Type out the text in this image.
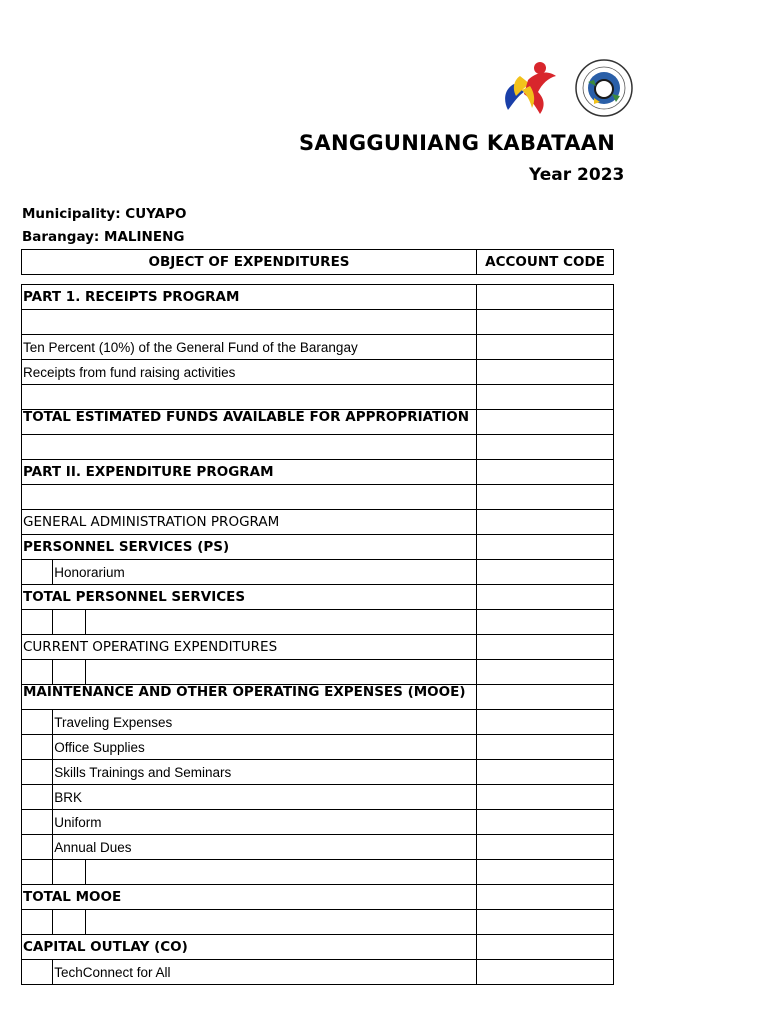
SANGGUNIANG KABATAAN
Year 2023
Municipality: CUYAPO
Barangay: MALINENG
OBJECT OF EXPENDITURES			ACCOUNT CODE

PART 1. RECEIPTS PROGRAM			

Ten Percent (10%) of the General Fund of the Barangay			
Receipts from fund raising activities			

TOTAL ESTIMATED FUNDS AVAILABLE FOR APPROPRIATION			

PART II. EXPENDITURE PROGRAM			

GENERAL ADMINISTRATION PROGRAM			
PERSONNEL SERVICES (PS)			
	Honorarium		
TOTAL PERSONNEL SERVICES			

CURRENT OPERATING EXPENDITURES			

MAINTENANCE AND OTHER OPERATING EXPENSES (MOOE)			
	Traveling Expenses		
	Office Supplies		
	Skills Trainings and Seminars		
	BRK		
	Uniform		
	Annual Dues		

TOTAL MOOE			

CAPITAL OUTLAY (CO)			
	TechConnect for All		
